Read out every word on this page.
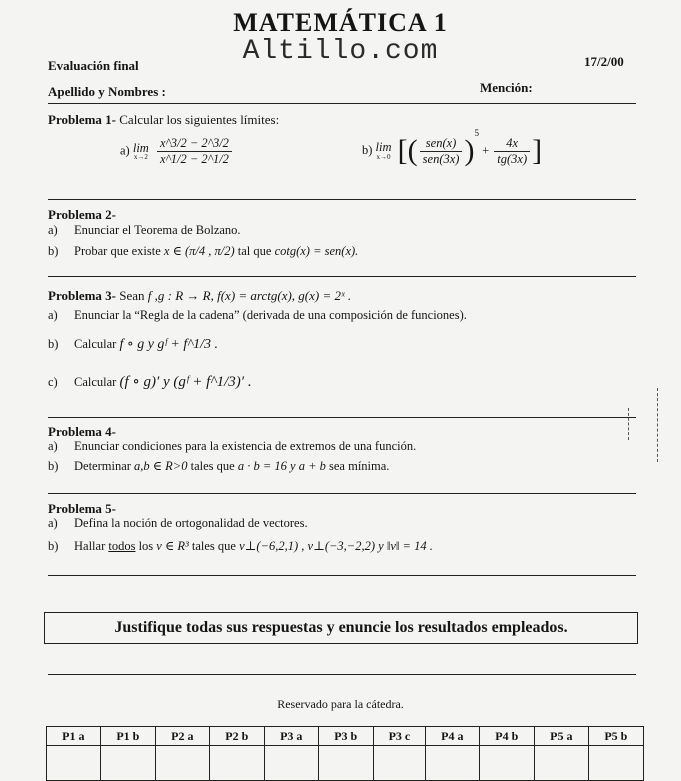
MATEMÁTICA 1
Altillo.com
Evaluación final	17/2/00
Apellido y Nombres :	Mención:
Problema 1- Calcular los siguientes límites:
a) lim
x→2
$\frac{x\^{}3/2 - 2\^{}3/2}{x\^{}1/2 - 2\^{}1/2}$	b) lim
x→0 [( $\frac{\text{sen(x)}}{\text{sen(3x)}} )^5 + \frac{4x}{tg(3x)}$ ]
Problema 2-
a) Enunciar el Teorema de Bolzano.
b) Probar que existe x ∈ (π/4 , π/2) tal que cotg(x) = sen(x).
Problema 3- Sean f ,g : R → R, f(x) = arctg(x), g(x) = 2ˣ .
a) Enunciar la “Regla de la cadena” (derivada de una composición de funciones).
b) Calcular f ∘ g y gᶠ + f^1/3 .
c) Calcular (f ∘ g)′ y (gᶠ + f^1/3)′ .
Problema 4-
a) Enunciar condiciones para la existencia de extremos de una función.
b) Determinar a,b ∈ R>0 tales que a · b = 16 y a + b sea mínima.
Problema 5-
a) Defina la noción de ortogonalidad de vectores.
b) Hallar todos los v ∈ R³ tales que v⊥(−6,2,1) , v⊥(−3,−2,2) y ‖v‖ = 14 .
Justifique todas sus respuestas y enuncie los resultados empleados.
Reservado para la cátedra.
P1 a	P1 b	P2 a	P2 b	P3 a	P3 b	P3 c	P4 a	P4 b	P5 a	P5 b
